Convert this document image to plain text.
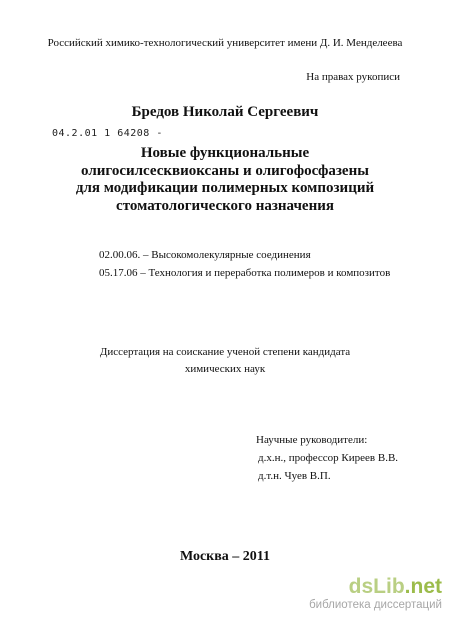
Российский химико-технологический университет имени Д. И. Менделеева
На правах рукописи
Бредов Николай Сергеевич
04.2.01 1 64208 -
Новые функциональные
олигосилсесквиоксаны и олигофосфазены
для модификации полимерных композиций
стоматологического назначения
02.00.06. – Высокомолекулярные соединения
05.17.06 – Технология и переработка полимеров и композитов
Диссертация на соискание ученой степени кандидата
химических наук
Научные руководители:
д.х.н., профессор Киреев В.В.
д.т.н. Чуев В.П.
Москва – 2011
dsLib.net
библиотека диссертаций
